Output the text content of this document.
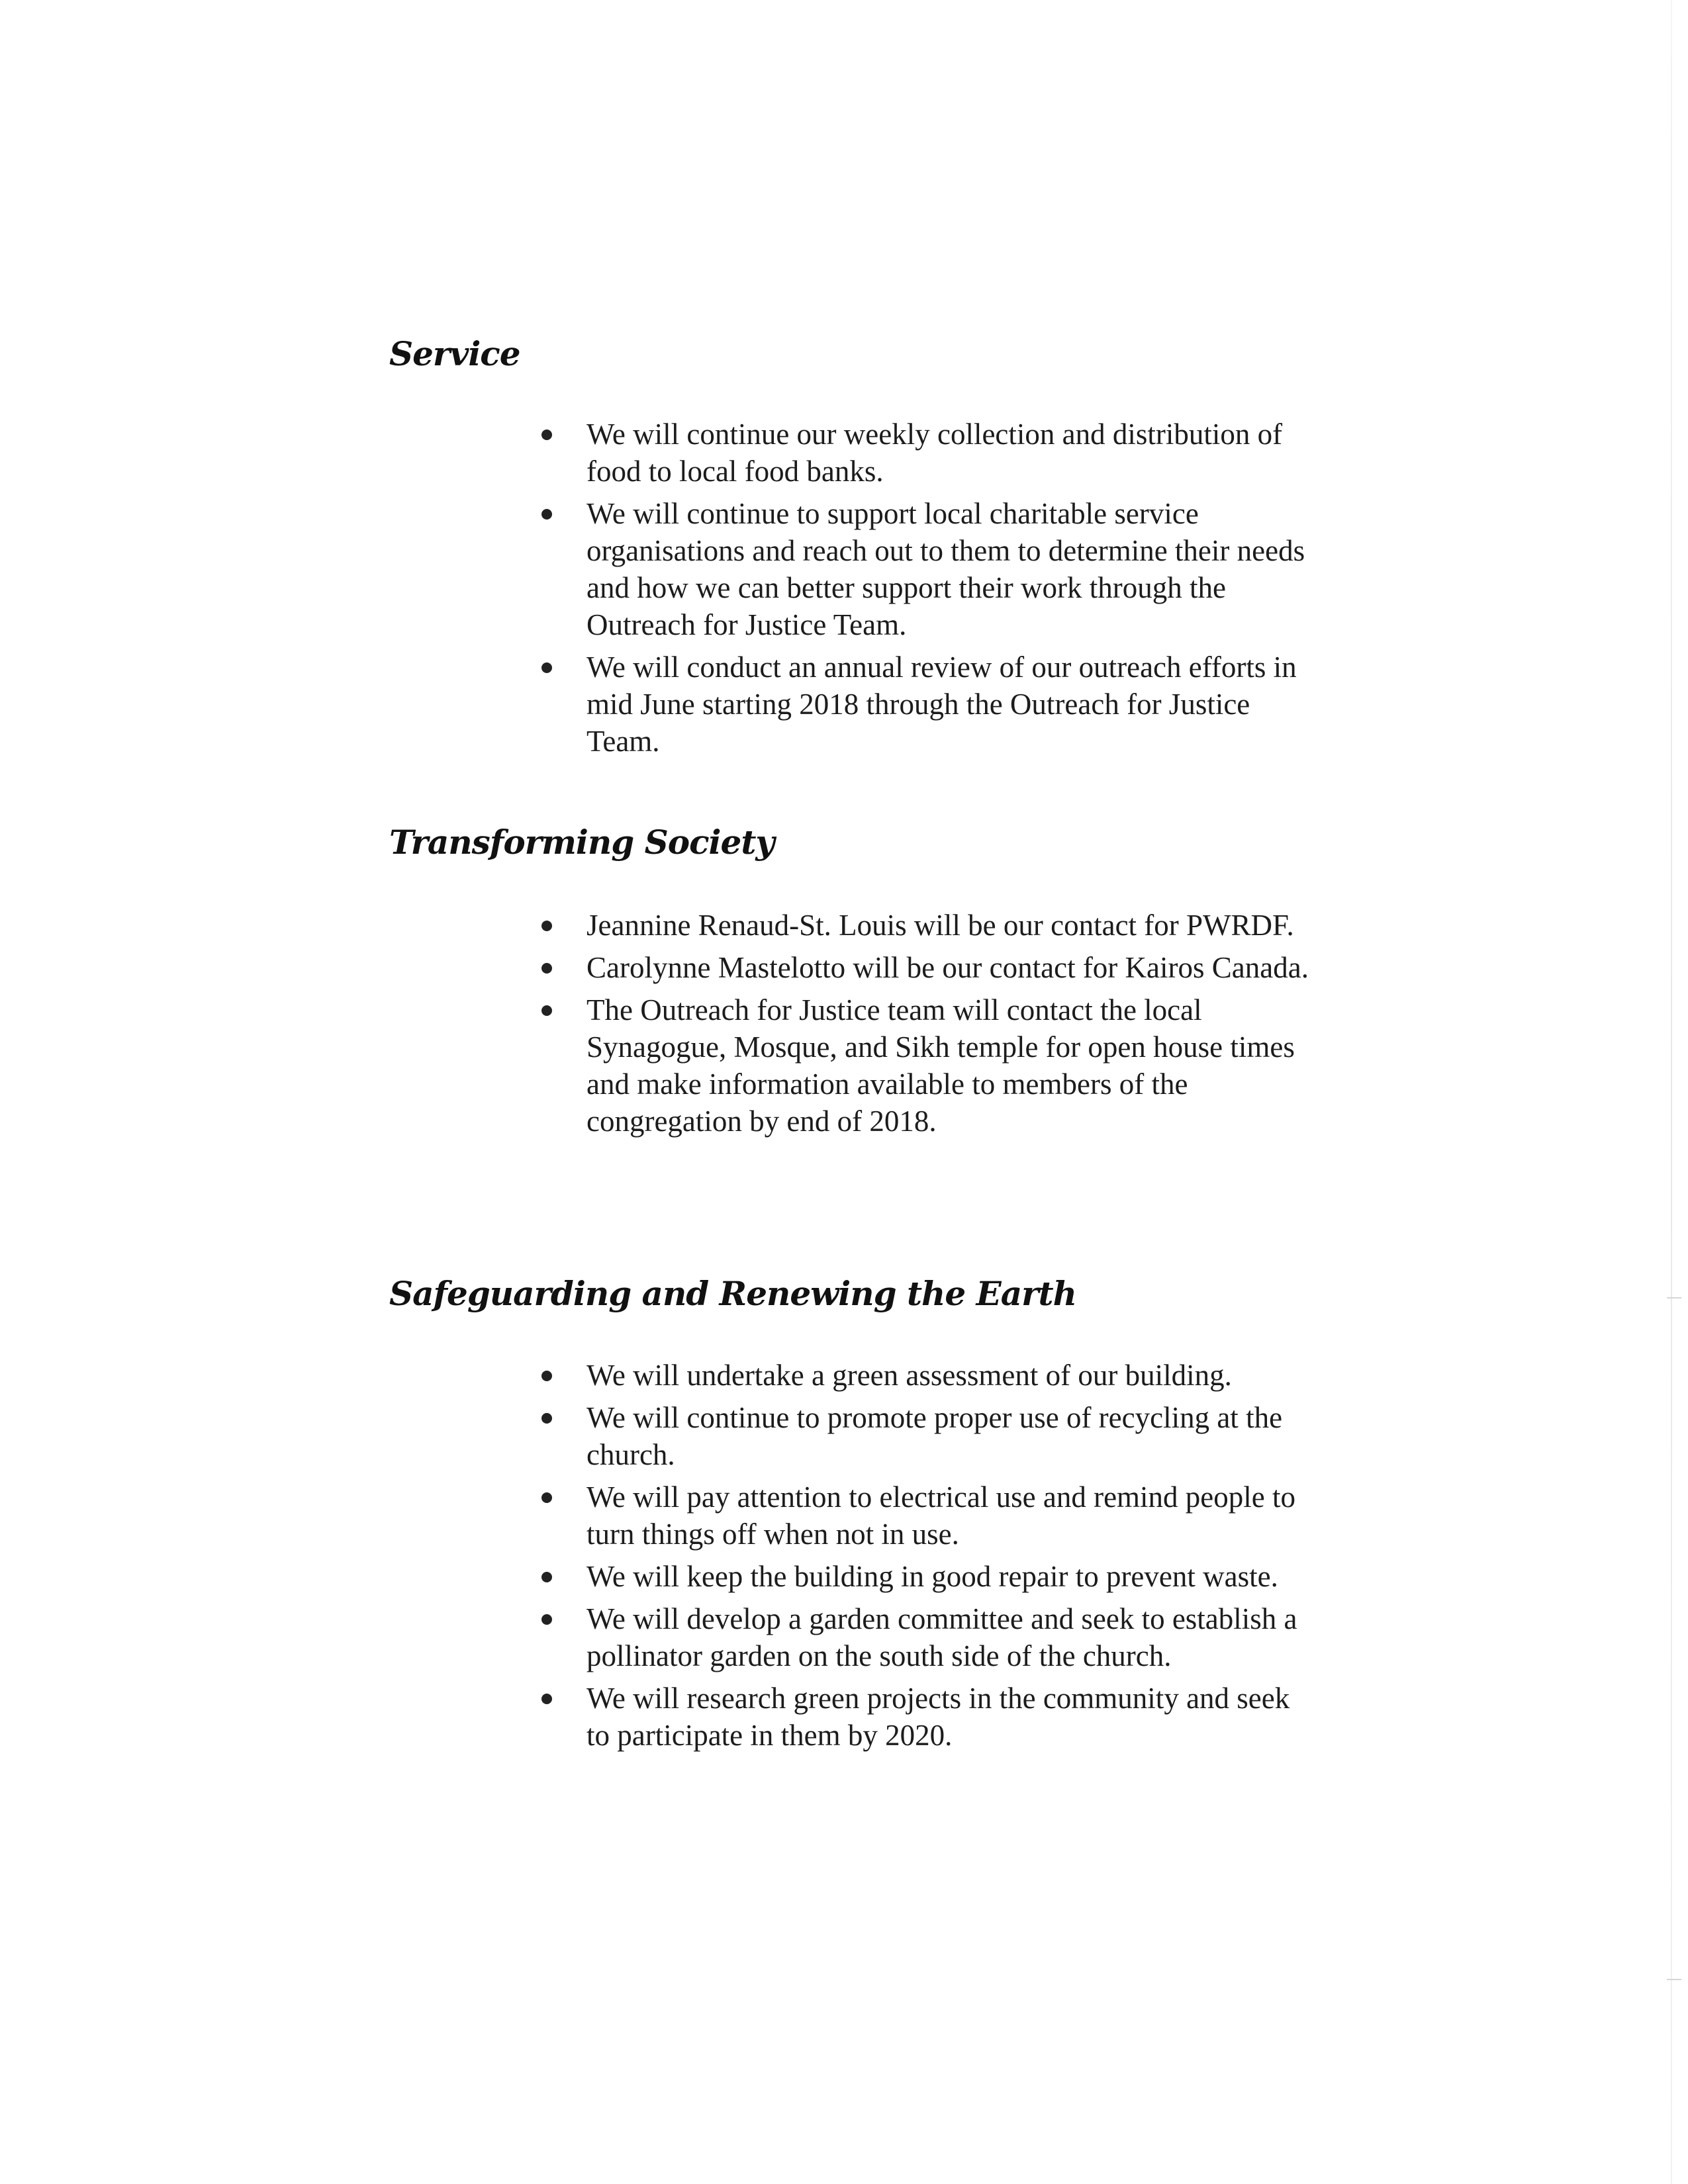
Service
We will continue our weekly collection and distribution of food to local food banks.
We will continue to support local charitable service organisations and reach out to them to determine their needs and how we can better support their work through the Outreach for Justice Team.
We will conduct an annual review of our outreach efforts in mid June starting 2018 through the Outreach for Justice Team.
Transforming Society
Jeannine Renaud-St. Louis will be our contact for PWRDF.
Carolynne Mastelotto will be our contact for Kairos Canada.
The Outreach for Justice team will contact the local Synagogue, Mosque, and Sikh temple for open house times and make information available to members of the congregation by end of 2018.
Safeguarding and Renewing the Earth
We will undertake a green assessment of our building.
We will continue to promote proper use of recycling at the church.
We will pay attention to electrical use and remind people to turn things off when not in use.
We will keep the building in good repair to prevent waste.
We will develop a garden committee and seek to establish a pollinator garden on the south side of the church.
We will research green projects in the community and seek to participate in them by 2020.
